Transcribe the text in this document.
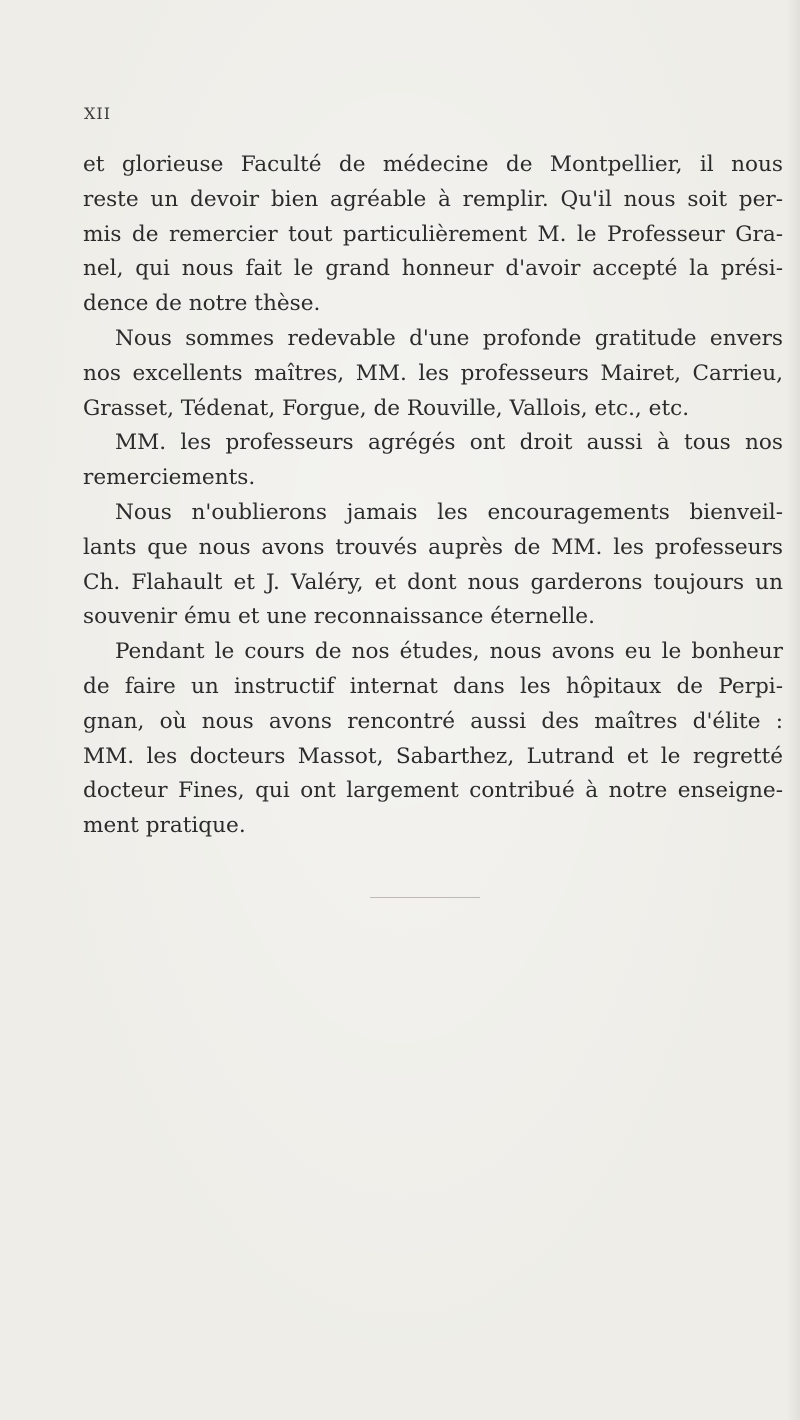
XII
et glorieuse Faculté de médecine de Montpellier, il nous
reste un devoir bien agréable à remplir. Qu'il nous soit per-
mis de remercier tout particulièrement M. le Professeur Gra-
nel, qui nous fait le grand honneur d'avoir accepté la prési-
dence de notre thèse.
Nous sommes redevable d'une profonde gratitude envers
nos excellents maîtres, MM. les professeurs Mairet, Carrieu,
Grasset, Tédenat, Forgue, de Rouville, Vallois, etc., etc.
MM. les professeurs agrégés ont droit aussi à tous nos
remerciements.
Nous n'oublierons jamais les encouragements bienveil-
lants que nous avons trouvés auprès de MM. les professeurs
Ch. Flahault et J. Valéry, et dont nous garderons toujours un
souvenir ému et une reconnaissance éternelle.
Pendant le cours de nos études, nous avons eu le bonheur
de faire un instructif internat dans les hôpitaux de Perpi-
gnan, où nous avons rencontré aussi des maîtres d'élite :
MM. les docteurs Massot, Sabarthez, Lutrand et le regretté
docteur Fines, qui ont largement contribué à notre enseigne-
ment pratique.
